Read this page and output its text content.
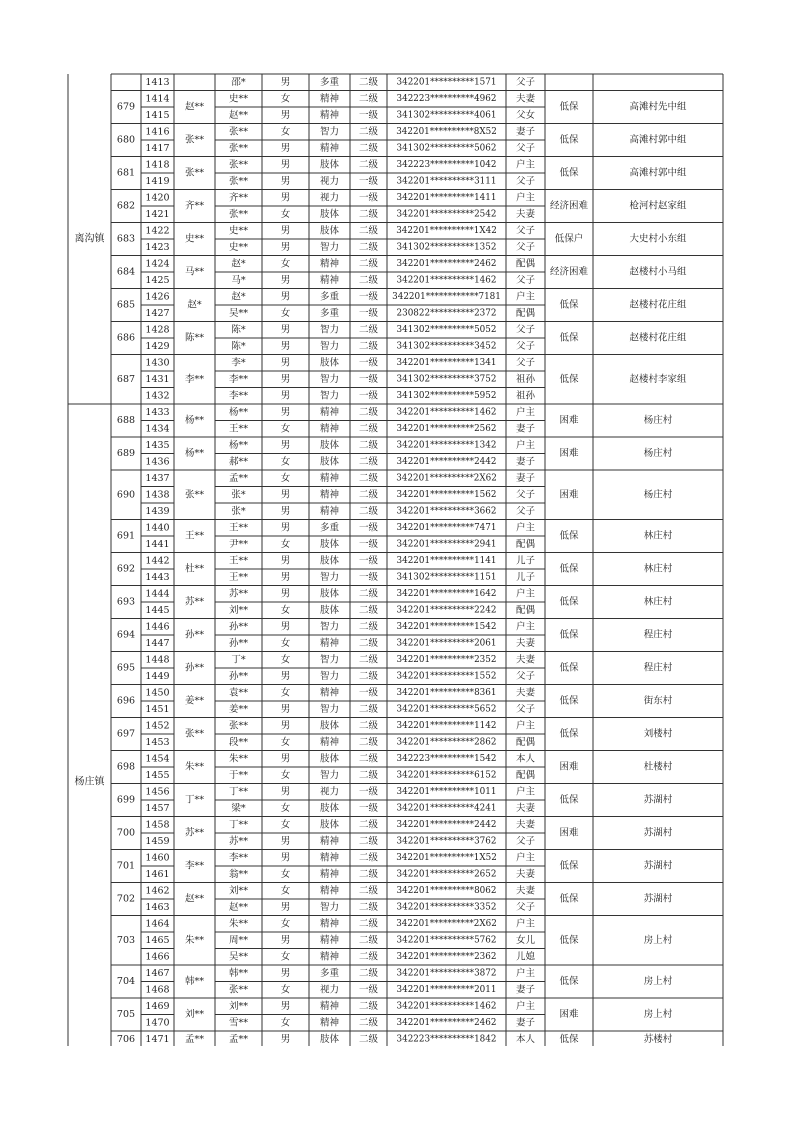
1413	邵*	男	多重 二级 342201**********1571 父子
1414	史**	女	精神 二级 342223**********4962 夫妻
1415	赵**	男	精神 一级 341302**********4061 父女
679	赵**	低保	高滩村先中组
1416	张**	女	智力 二级 342201**********8X52 妻子
1417	张**	男	精神 二级 341302**********5062 父子
680	张**	低保	高滩村郭中组
1418	张**	男	肢体 二级 342223**********1042 户主
1419	张**	男	视力 一级 342201**********3111 父子
681	张**	低保	高滩村郭中组
1420	齐**	男	视力 一级 342201**********1411 户主
1421	张**	女	肢体 二级 342201**********2542 夫妻
682	齐**	经济困难	枪河村赵家组
1422	史**	男	肢体 二级 342201**********1X42 父子
1423	史**	男	智力 二级 341302**********1352 父子
683	史**	低保户	大史村小东组
1424	赵*	女	精神 二级 342201**********2462 配偶
1425	马*	男	精神 二级 342201**********1462 父子
684	马**	经济困难	赵楼村小马组
1426	赵*	男	多重 一级 342201************7181 户主
1427	吴**	女	多重 一级 230822**********2372 配偶
685	赵*	低保	赵楼村花庄组
1428	陈*	男	智力 二级 341302**********5052 父子
1429	陈*	男	智力 二级 341302**********3452 父子
686	陈**	低保	赵楼村花庄组
1430	李*	男	肢体 一级 342201**********1341 父子
1431	李**	男	智力 一级 341302**********3752 祖孙
1432	李**	男	智力 一级 341302**********5952 祖孙
687	李**	低保	赵楼村李家组
离沟镇
1433	杨**	男	精神 二级 342201**********1462 户主
1434	王**	女	精神 二级 342201**********2562 妻子
688	杨**	困难	杨庄村
1435	杨**	男	肢体 二级 342201**********1342 户主
1436	郝**	女	肢体 二级 342201**********2442 妻子
689	杨**	困难	杨庄村
1437	孟**	女	精神 二级 342201**********2X62 妻子
1438	张*	男	精神 二级 342201**********1562 父子
1439	张*	男	精神 二级 342201**********3662 父子
690	张**	困难	杨庄村
1440	王**	男	多重 一级 342201**********7471 户主
1441	尹**	女	肢体 一级 342201**********2941 配偶
691	王**	低保	林庄村
1442	王**	男	肢体 一级 342201**********1141 儿子
1443	王**	男	智力 一级 341302**********1151 儿子
692	杜**	低保	林庄村
1444	苏**	男	肢体 二级 342201**********1642 户主
1445	刘**	女	肢体 二级 342201**********2242 配偶
693	苏**	低保	林庄村
1446	孙**	男	智力 二级 342201**********1542 户主
1447	孙**	女	精神 二级 342201**********2061 夫妻
694	孙**	低保	程庄村
1448	丁*	女	智力 二级 342201**********2352 夫妻
1449	孙**	男	智力 二级 342201**********1552 父子
695	孙**	低保	程庄村
1450	袁**	女	精神 一级 342201**********8361 夫妻
1451	姜**	男	智力 二级 342201**********5652 父子
696	姜**	低保	街东村
1452	张**	男	肢体 二级 342201**********1142 户主
1453	段**	女	精神 二级 342201**********2862 配偶
697	张**	低保	刘楼村
1454	朱**	男	肢体 二级 342223**********1542 本人
1455	于**	女	智力 二级 342201**********6152 配偶
698	朱**	困难	杜楼村
1456	丁**	男	视力 一级 342201**********1011 户主
1457	梁*	女	肢体 一级 342201**********4241 夫妻
699	丁**	低保	苏湖村
1458	丁**	女	肢体 二级 342201**********2442 夫妻
1459	苏**	男	精神 二级 342201**********3762 父子
700	苏**	困难	苏湖村
1460	李**	男	精神 二级 342201**********1X52 户主
1461	翁**	女	精神 二级 342201**********2652 夫妻
701	李**	低保	苏湖村
1462	刘**	女	精神 二级 342201**********8062 夫妻
1463	赵**	男	智力 二级 342201**********3352 父子
702	赵**	低保	苏湖村
1464	朱**	女	精神 二级 342201**********2X62 户主
1465	周**	男	精神 二级 342201**********5762 女儿
1466	吴**	女	精神 二级 342201**********2362 儿媳
703	朱**	低保	房上村
1467	韩**	男	多重 二级 342201**********3872 户主
1468	张**	女	视力 一级 342201**********2011 妻子
704	韩**	低保	房上村
1469	刘**	男	精神 二级 342201**********1462 户主
1470	雪**	女	精神 二级 342201**********2462 妻子
705	刘**	困难	房上村
1471	孟**	男	肢体 二级 342223**********1842 本人
706	孟**	低保	苏楼村
杨庄镇
